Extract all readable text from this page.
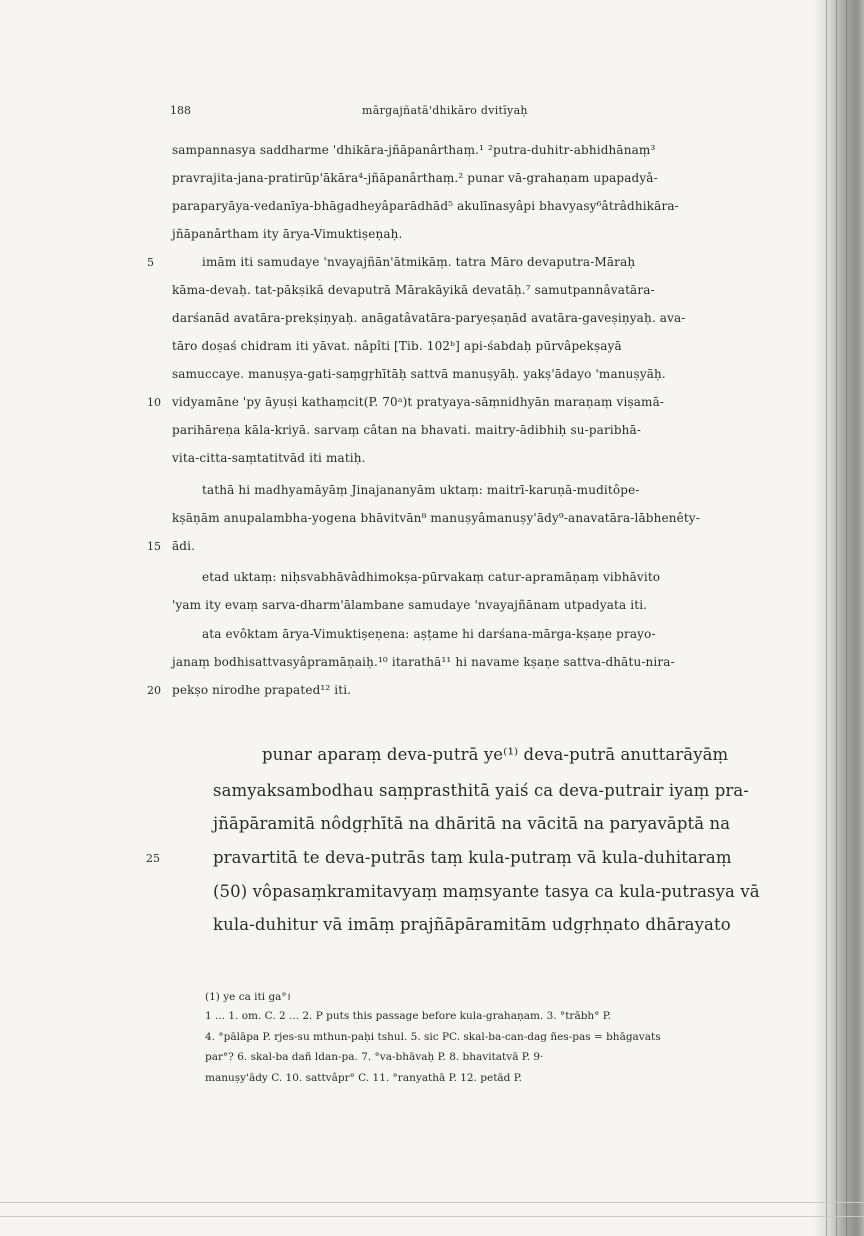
188	mārgajñatā'dhikāro dvitīyaḥ
sampannasya saddharme 'dhikāra-jñāpanârthaṃ.¹ ²putra-duhitr-abhidhānaṃ³
pravrajita-jana-pratirūp'ākāra⁴-jñāpanârthaṃ.² punar vā-grahaṇam upapadyâ-
paraparyāya-vedanīya-bhāgadheyâparādhād⁵ akulīnasyâpi bhavyasy⁶âtrâdhikāra-
jñāpanârtham ity ārya-Vimuktiṣeṇaḥ.
imām iti samudaye 'nvayajñān'ātmikāṃ. tatra Māro devaputra-Māraḥ
kāma-devaḥ. tat-pākṣikā devaputrā Mārakāyikā devatāḥ.⁷ samutpannâvatāra-
darśanād avatāra-prekṣiṇyaḥ. anāgatâvatāra-paryeṣaṇād avatāra-gaveṣiṇyaḥ. ava-
tāro doṣaś chidram iti yāvat. nâpîti [Tib. 102ᵇ] api-śabdaḥ pūrvâpekṣayā
samuccaye. manuṣya-gati-saṃgṛhītāḥ sattvā manuṣyāḥ. yakṣ'ādayo 'manuṣyāḥ.
vidyamāne 'py āyuṣi kathaṃcit(P. 70ᵃ)t pratyaya-sāṃnidhyān maraṇaṃ viṣamā-
parihāreṇa kāla-kriyā. sarvaṃ câtan na bhavati. maitry-ādibhiḥ su-paribhā-
vita-citta-saṃtatitvād iti matiḥ.
tathā hi madhyamāyāṃ Jinajananyām uktaṃ: maitrī-karuṇā-muditôpe-
kṣāṇām anupalambha-yogena bhāvitvān⁸ manuṣyâmanuṣy'ādy⁹-anavatāra-lābhenêty-
ādi.
etad uktaṃ: niḥsvabhāvâdhimokṣa-pūrvakaṃ catur-apramāṇaṃ vibhāvito
'yam ity evaṃ sarva-dharm'ālambane samudaye 'nvayajñānam utpadyata iti.
ata evôktam ārya-Vimuktiṣeṇena: aṣṭame hi darśana-mārga-kṣaṇe prayo-
janaṃ bodhisattvasyâpramāṇaiḥ.¹⁰ itarathā¹¹ hi navame kṣaṇe sattva-dhātu-nira-
pekṣo nirodhe prapated¹² iti.
5
10
15
20
punar aparaṃ deva-putrā ye⁽¹⁾ deva-putrā anuttarāyāṃ
samyaksambodhau saṃprasthitā yaiś ca deva-putrair iyaṃ pra-
jñāpāramitā nôdgṛhītā na dhāritā na vācitā na paryavāptā na
pravartitā te deva-putrās taṃ kula-putraṃ vā kula-duhitaraṃ
(50) vôpasaṃkramitavyaṃ maṃsyante tasya ca kula-putrasya vā
kula-duhitur vā imāṃ prajñāpāramitām udgṛhṇato dhārayato
25
(1) ye ca iti ga°।
1 ... 1. om. C. 2 ... 2. P puts this passage before kula-grahaṇam. 3. °trābh° P.
4. °pālāpa P. rjes-su mthun-paḥi tshul. 5. sic PC. skal-ba-can-dag ñes-pas = bhāgavats
par°? 6. skal-ba dañ ldan-pa. 7. °va-bhāvaḥ P. 8. bhavitatvā P. 9·
manuṣy'ādy C. 10. sattvâpr° C. 11. °ranyathā P. 12. petād P.
